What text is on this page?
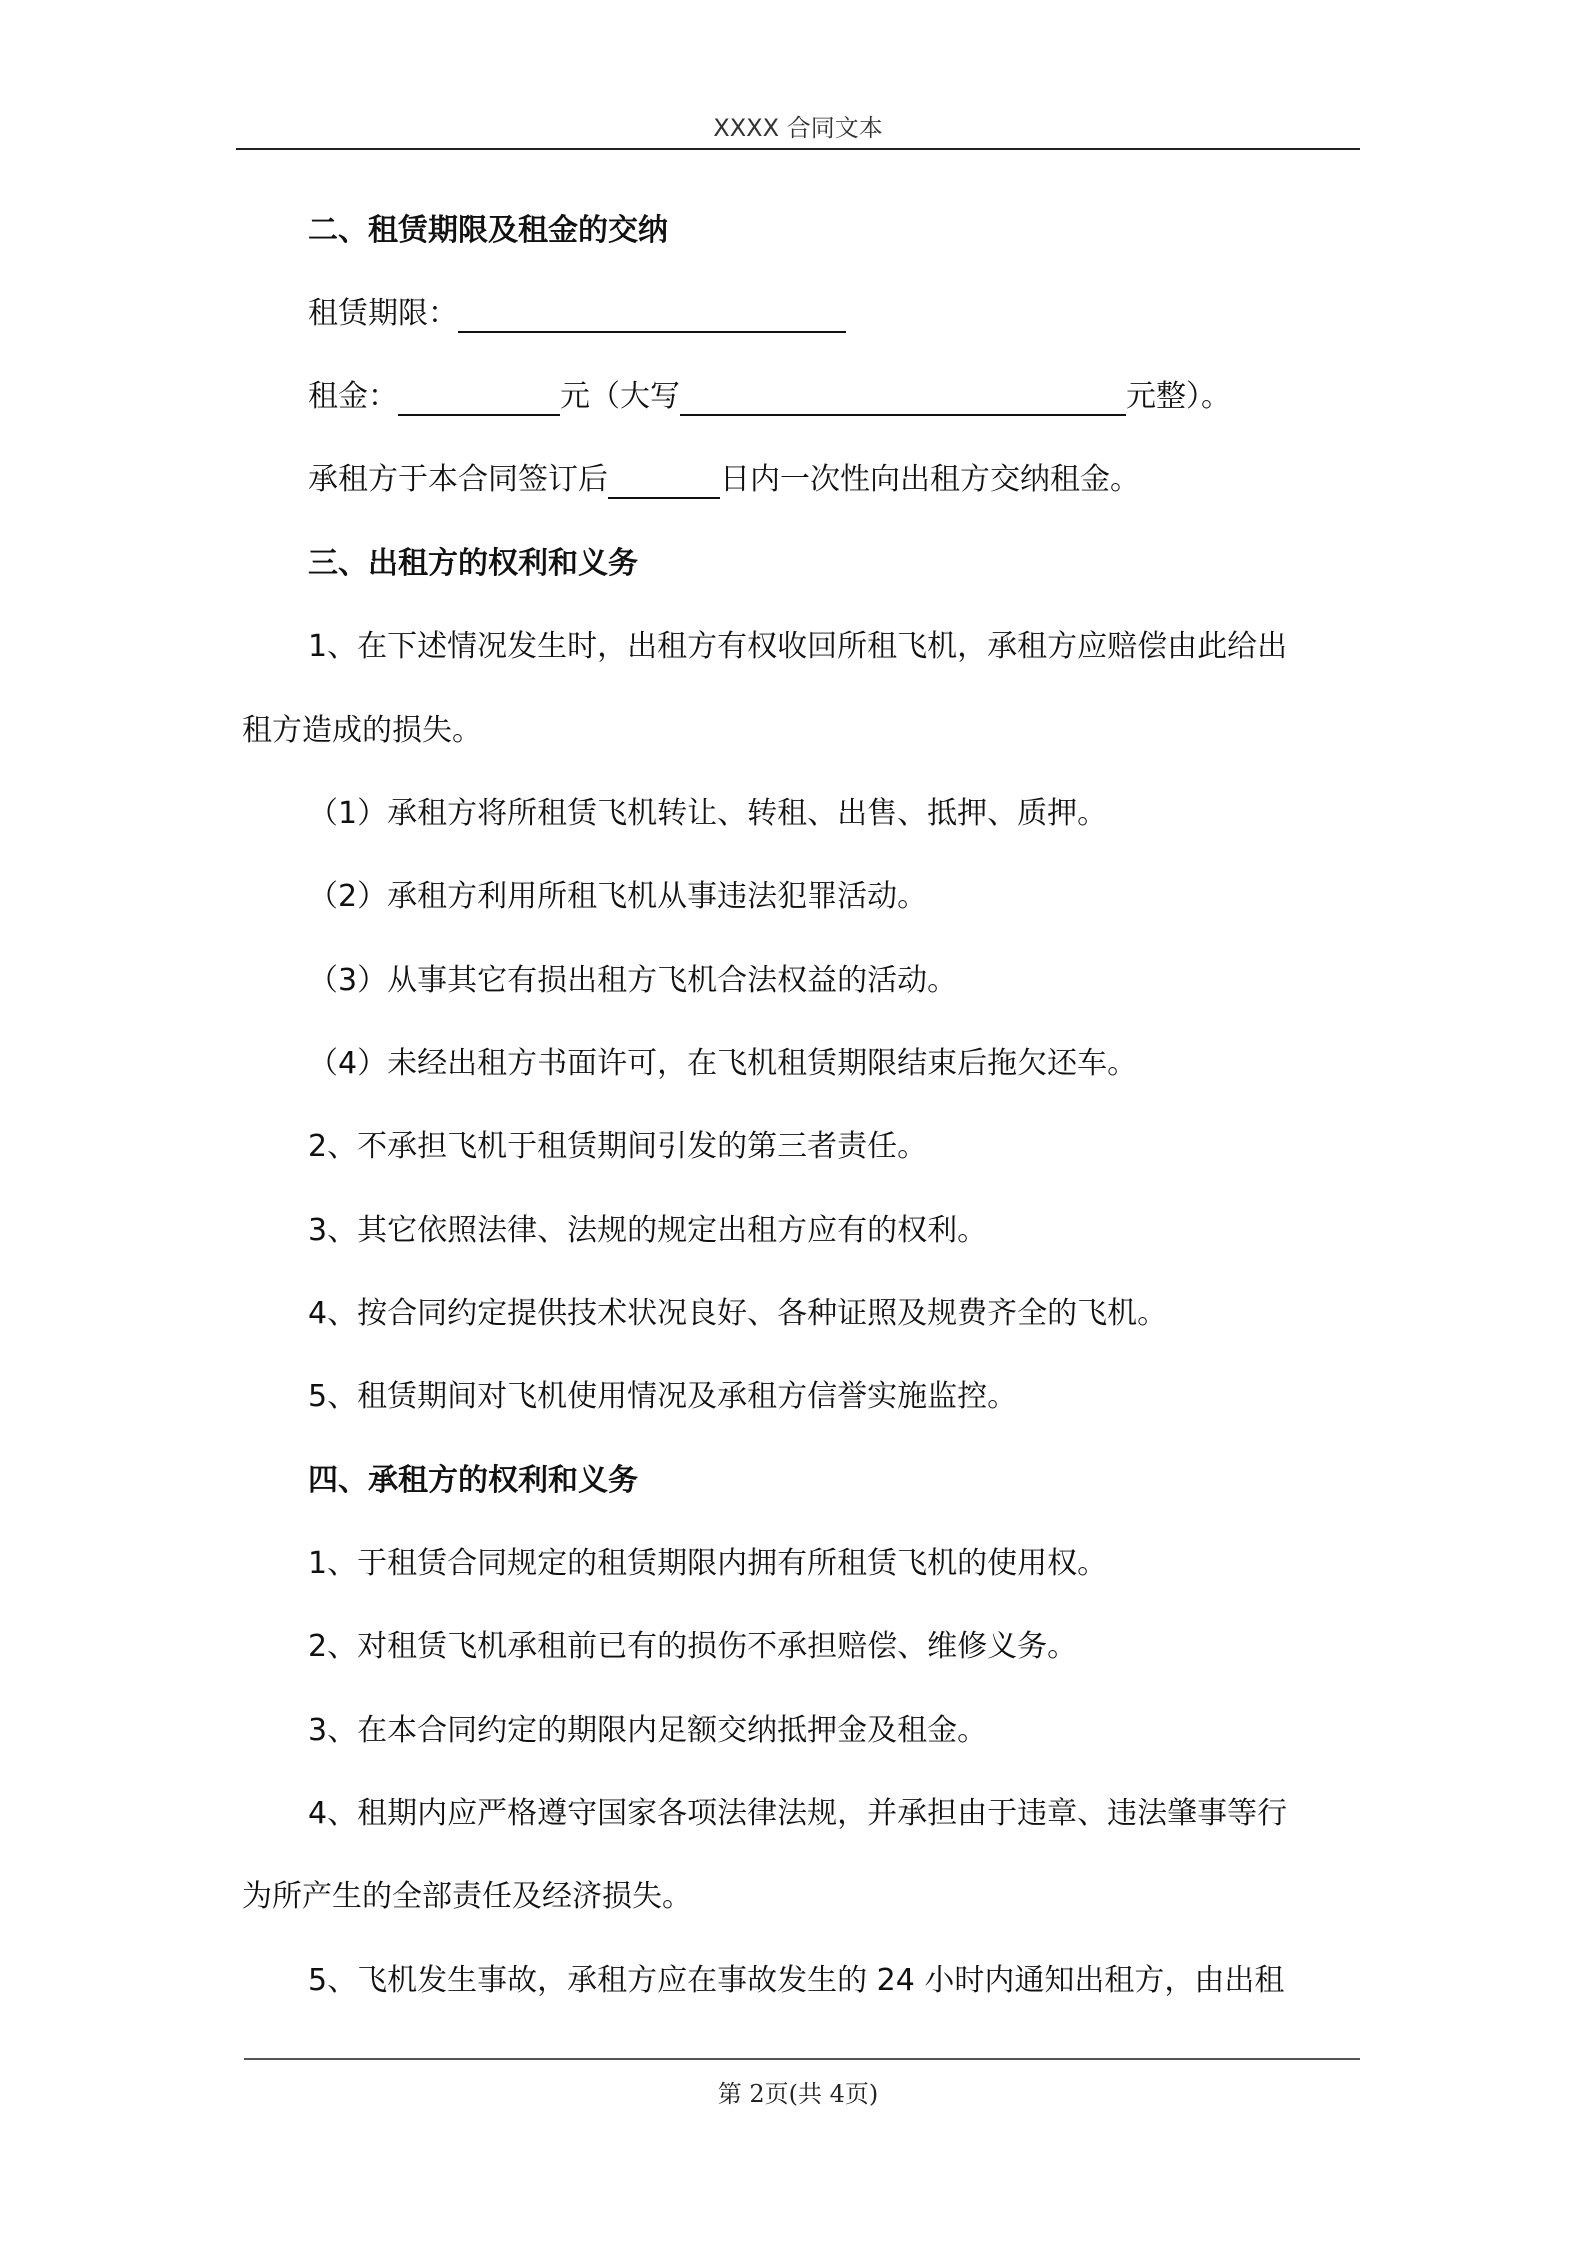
XXXX 合同文本
二、租赁期限及租金的交纳
租赁期限：
租金：	元（大写	元整）。
承租方于本合同签订后	日内一次性向出租方交纳租金。
三、出租方的权利和义务
1、在下述情况发生时，出租方有权收回所租飞机，承租方应赔偿由此给出
租方造成的损失。
（1）承租方将所租赁飞机转让、转租、出售、抵押、质押。
（2）承租方利用所租飞机从事违法犯罪活动。
（3）从事其它有损出租方飞机合法权益的活动。
（4）未经出租方书面许可，在飞机租赁期限结束后拖欠还车。
2、不承担飞机于租赁期间引发的第三者责任。
3、其它依照法律、法规的规定出租方应有的权利。
4、按合同约定提供技术状况良好、各种证照及规费齐全的飞机。
5、租赁期间对飞机使用情况及承租方信誉实施监控。
四、承租方的权利和义务
1、于租赁合同规定的租赁期限内拥有所租赁飞机的使用权。
2、对租赁飞机承租前已有的损伤不承担赔偿、维修义务。
3、在本合同约定的期限内足额交纳抵押金及租金。
4、租期内应严格遵守国家各项法律法规，并承担由于违章、违法肇事等行
为所产生的全部责任及经济损失。
5、飞机发生事故，承租方应在事故发生的 24 小时内通知出租方，由出租
第 2页(共 4页)
